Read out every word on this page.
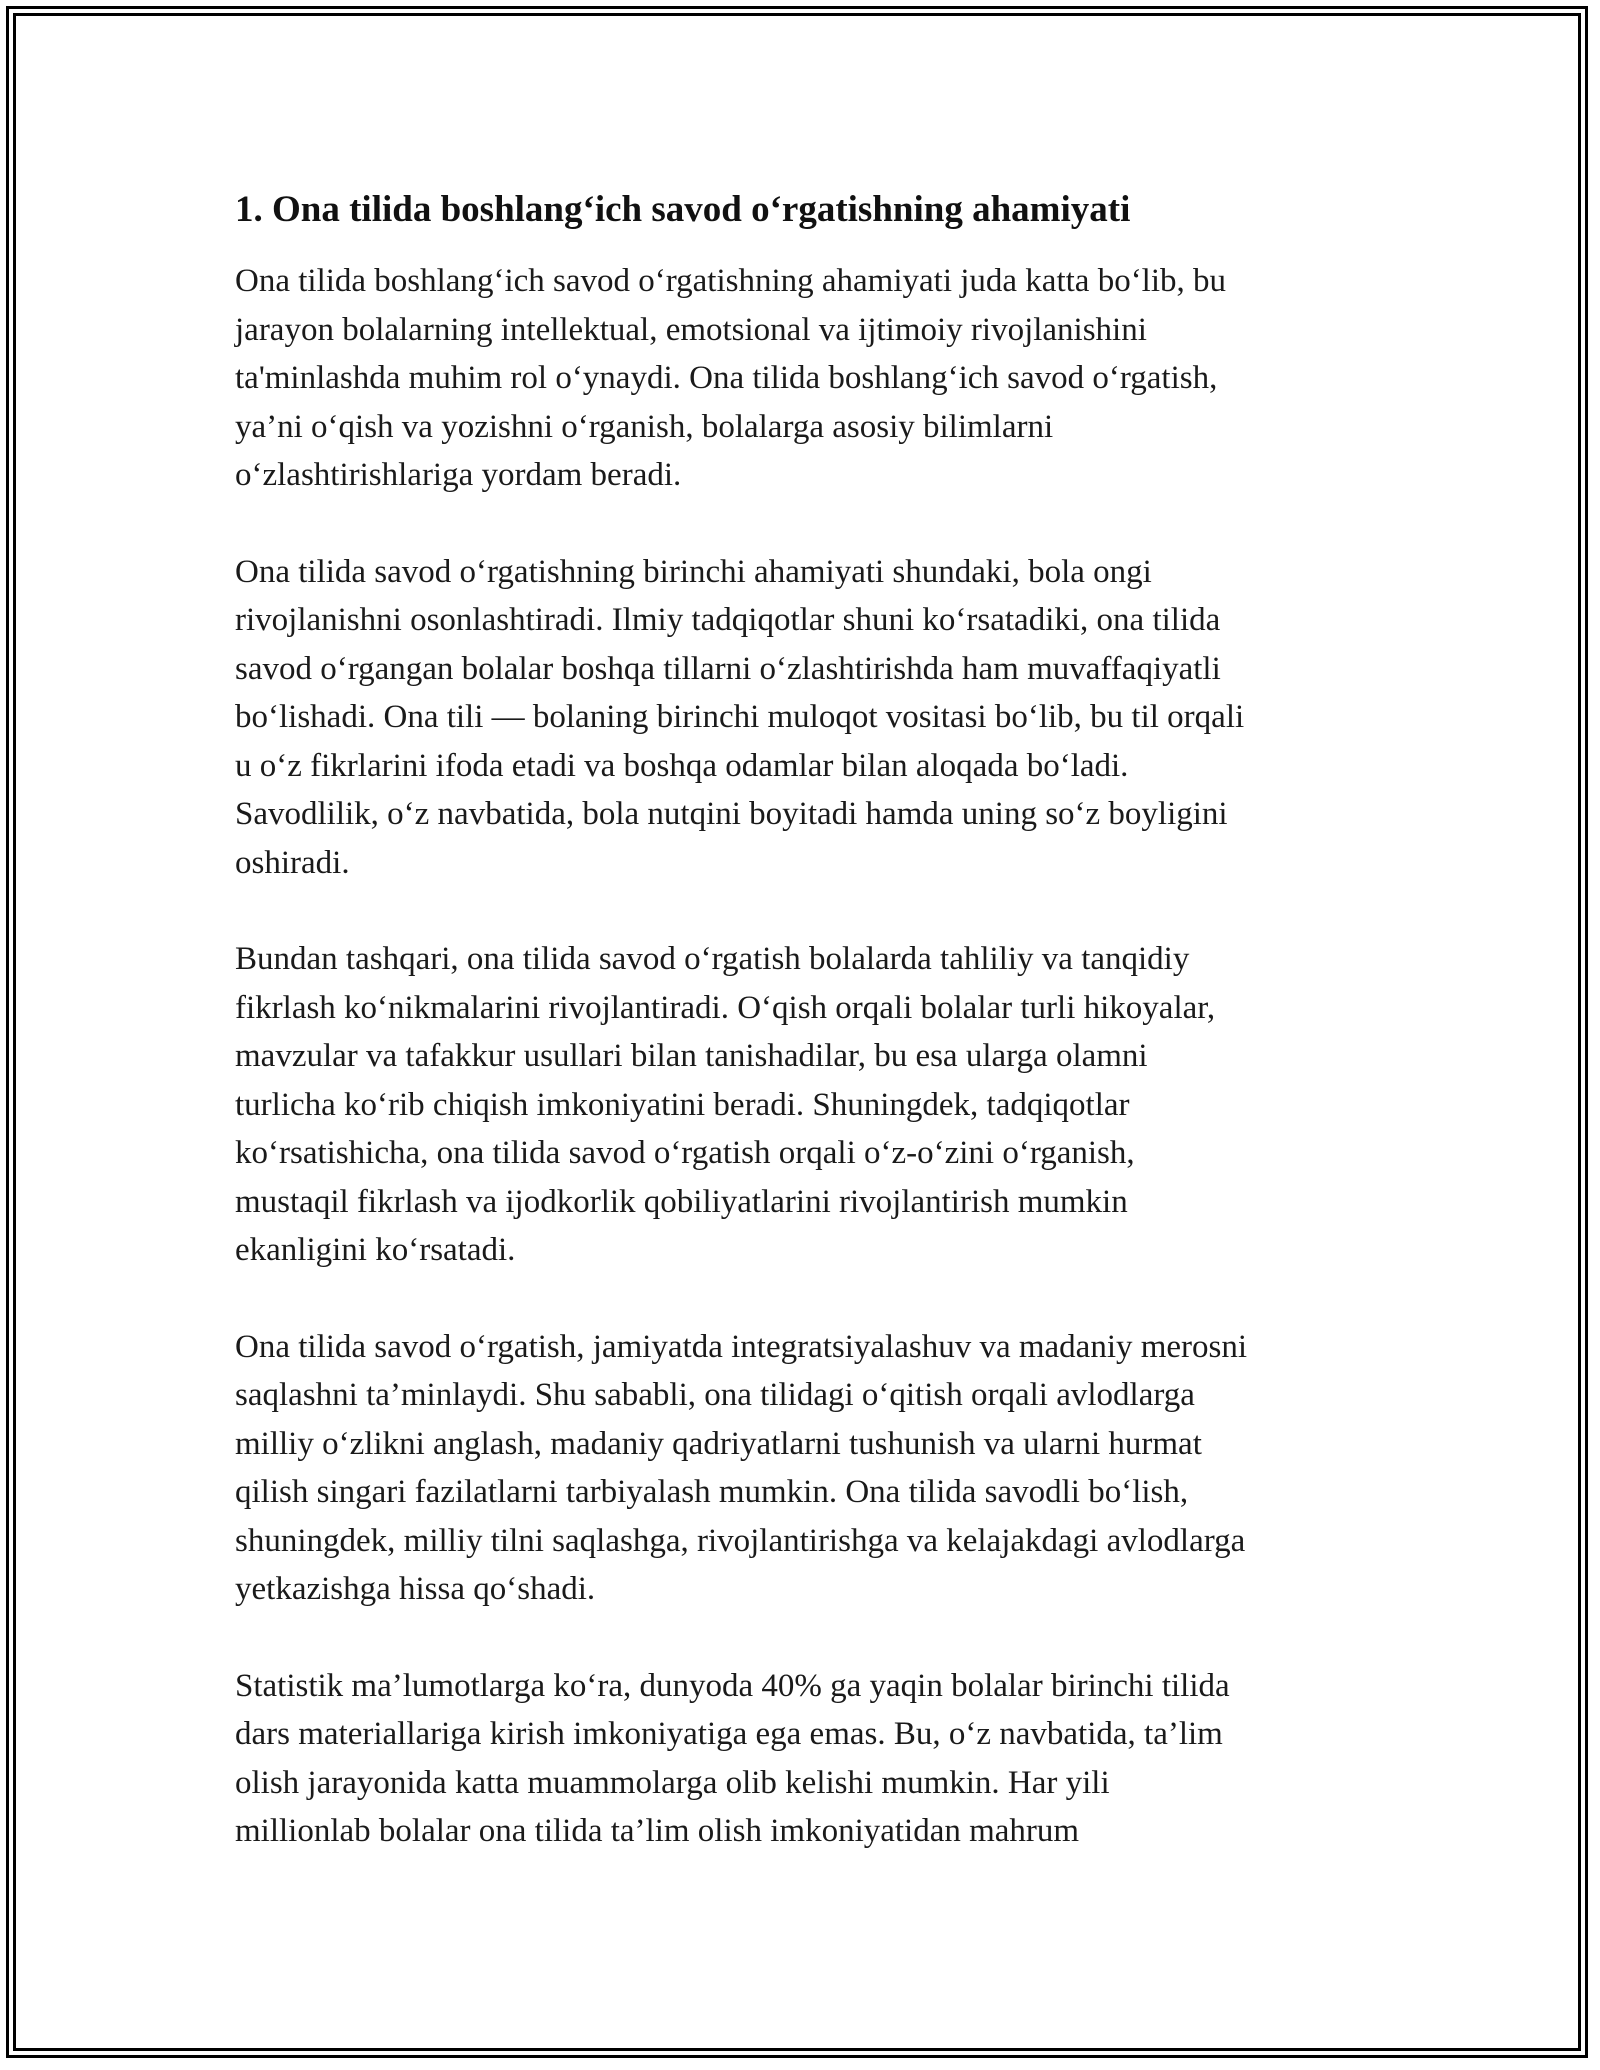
1. Ona tilida boshlang‘ich savod o‘rgatishning ahamiyati

Ona tilida boshlang‘ich savod o‘rgatishning ahamiyati juda katta bo‘lib, bu
jarayon bolalarning intellektual, emotsional va ijtimoiy rivojlanishini
ta'minlashda muhim rol o‘ynaydi. Ona tilida boshlang‘ich savod o‘rgatish,
ya’ni o‘qish va yozishni o‘rganish, bolalarga asosiy bilimlarni
o‘zlashtirishlariga yordam beradi.

Ona tilida savod o‘rgatishning birinchi ahamiyati shundaki, bola ongi
rivojlanishni osonlashtiradi. Ilmiy tadqiqotlar shuni ko‘rsatadiki, ona tilida
savod o‘rgangan bolalar boshqa tillarni o‘zlashtirishda ham muvaffaqiyatli
bo‘lishadi. Ona tili — bolaning birinchi muloqot vositasi bo‘lib, bu til orqali
u o‘z fikrlarini ifoda etadi va boshqa odamlar bilan aloqada bo‘ladi.
Savodlilik, o‘z navbatida, bola nutqini boyitadi hamda uning so‘z boyligini
oshiradi.

Bundan tashqari, ona tilida savod o‘rgatish bolalarda tahliliy va tanqidiy
fikrlash ko‘nikmalarini rivojlantiradi. O‘qish orqali bolalar turli hikoyalar,
mavzular va tafakkur usullari bilan tanishadilar, bu esa ularga olamni
turlicha ko‘rib chiqish imkoniyatini beradi. Shuningdek, tadqiqotlar
ko‘rsatishicha, ona tilida savod o‘rgatish orqali o‘z-o‘zini o‘rganish,
mustaqil fikrlash va ijodkorlik qobiliyatlarini rivojlantirish mumkin
ekanligini ko‘rsatadi.

Ona tilida savod o‘rgatish, jamiyatda integratsiyalashuv va madaniy merosni
saqlashni ta’minlaydi. Shu sababli, ona tilidagi o‘qitish orqali avlodlarga
milliy o‘zlikni anglash, madaniy qadriyatlarni tushunish va ularni hurmat
qilish singari fazilatlarni tarbiyalash mumkin. Ona tilida savodli bo‘lish,
shuningdek, milliy tilni saqlashga, rivojlantirishga va kelajakdagi avlodlarga
yetkazishga hissa qo‘shadi.

Statistik ma’lumotlarga ko‘ra, dunyoda 40% ga yaqin bolalar birinchi tilida
dars materiallariga kirish imkoniyatiga ega emas. Bu, o‘z navbatida, ta’lim
olish jarayonida katta muammolarga olib kelishi mumkin. Har yili
millionlab bolalar ona tilida ta’lim olish imkoniyatidan mahrum
